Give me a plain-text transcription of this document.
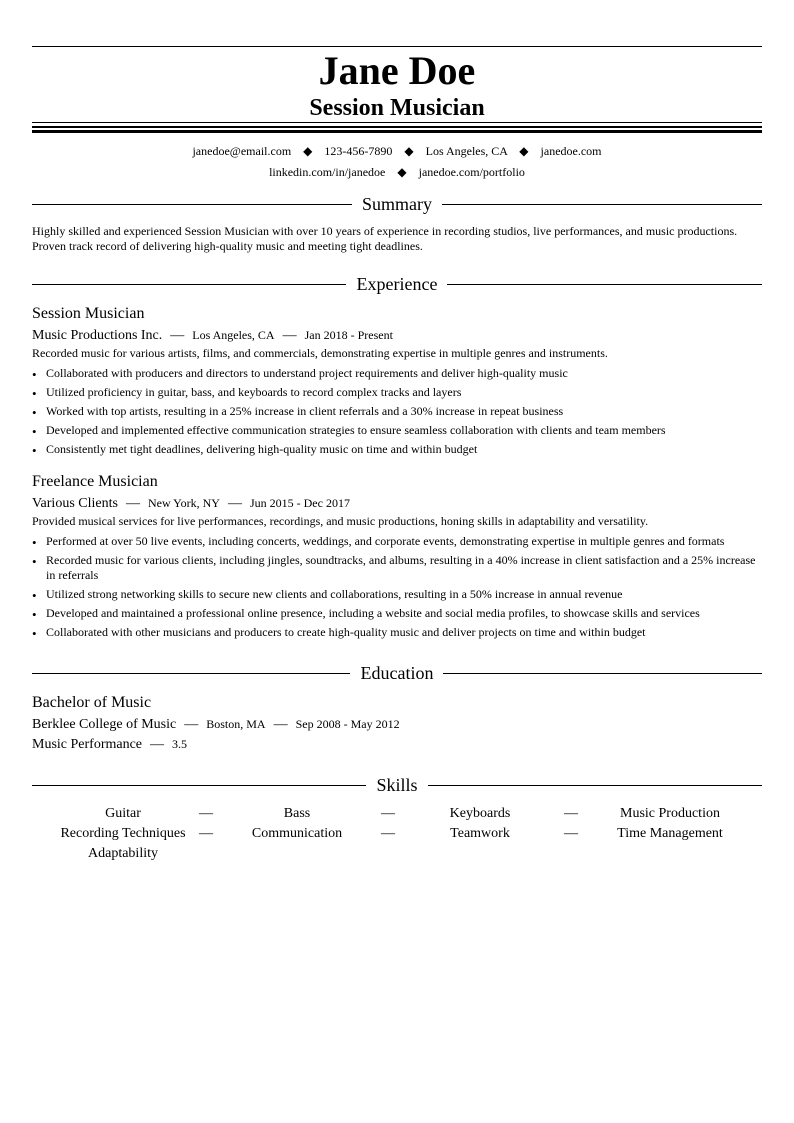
Jane Doe
Session Musician
janedoe@email.com ◆ 123-456-7890 ◆ Los Angeles, CA ◆ janedoe.com
linkedin.com/in/janedoe ◆ janedoe.com/portfolio
Summary
Highly skilled and experienced Session Musician with over 10 years of experience in recording studios, live performances, and music productions. Proven track record of delivering high-quality music and meeting tight deadlines.
Experience
Session Musician
Music Productions Inc. — Los Angeles, CA — Jan 2018 - Present
Recorded music for various artists, films, and commercials, demonstrating expertise in multiple genres and instruments.
• Collaborated with producers and directors to understand project requirements and deliver high-quality music
• Utilized proficiency in guitar, bass, and keyboards to record complex tracks and layers
• Worked with top artists, resulting in a 25% increase in client referrals and a 30% increase in repeat business
• Developed and implemented effective communication strategies to ensure seamless collaboration with clients and team members
• Consistently met tight deadlines, delivering high-quality music on time and within budget
Freelance Musician
Various Clients — New York, NY — Jun 2015 - Dec 2017
Provided musical services for live performances, recordings, and music productions, honing skills in adaptability and versatility.
• Performed at over 50 live events, including concerts, weddings, and corporate events, demonstrating expertise in multiple genres and formats
• Recorded music for various clients, including jingles, soundtracks, and albums, resulting in a 40% increase in client satisfaction and a 25% increase in referrals
• Utilized strong networking skills to secure new clients and collaborations, resulting in a 50% increase in annual revenue
• Developed and maintained a professional online presence, including a website and social media profiles, to showcase skills and services
• Collaborated with other musicians and producers to create high-quality music and deliver projects on time and within budget
Education
Bachelor of Music
Berklee College of Music — Boston, MA — Sep 2008 - May 2012
Music Performance — 3.5
Skills
Guitar	—	Bass	—	Keyboards	—	Music Production
Recording Techniques —	Communication	—	Teamwork	—	Time Management
Adaptability
